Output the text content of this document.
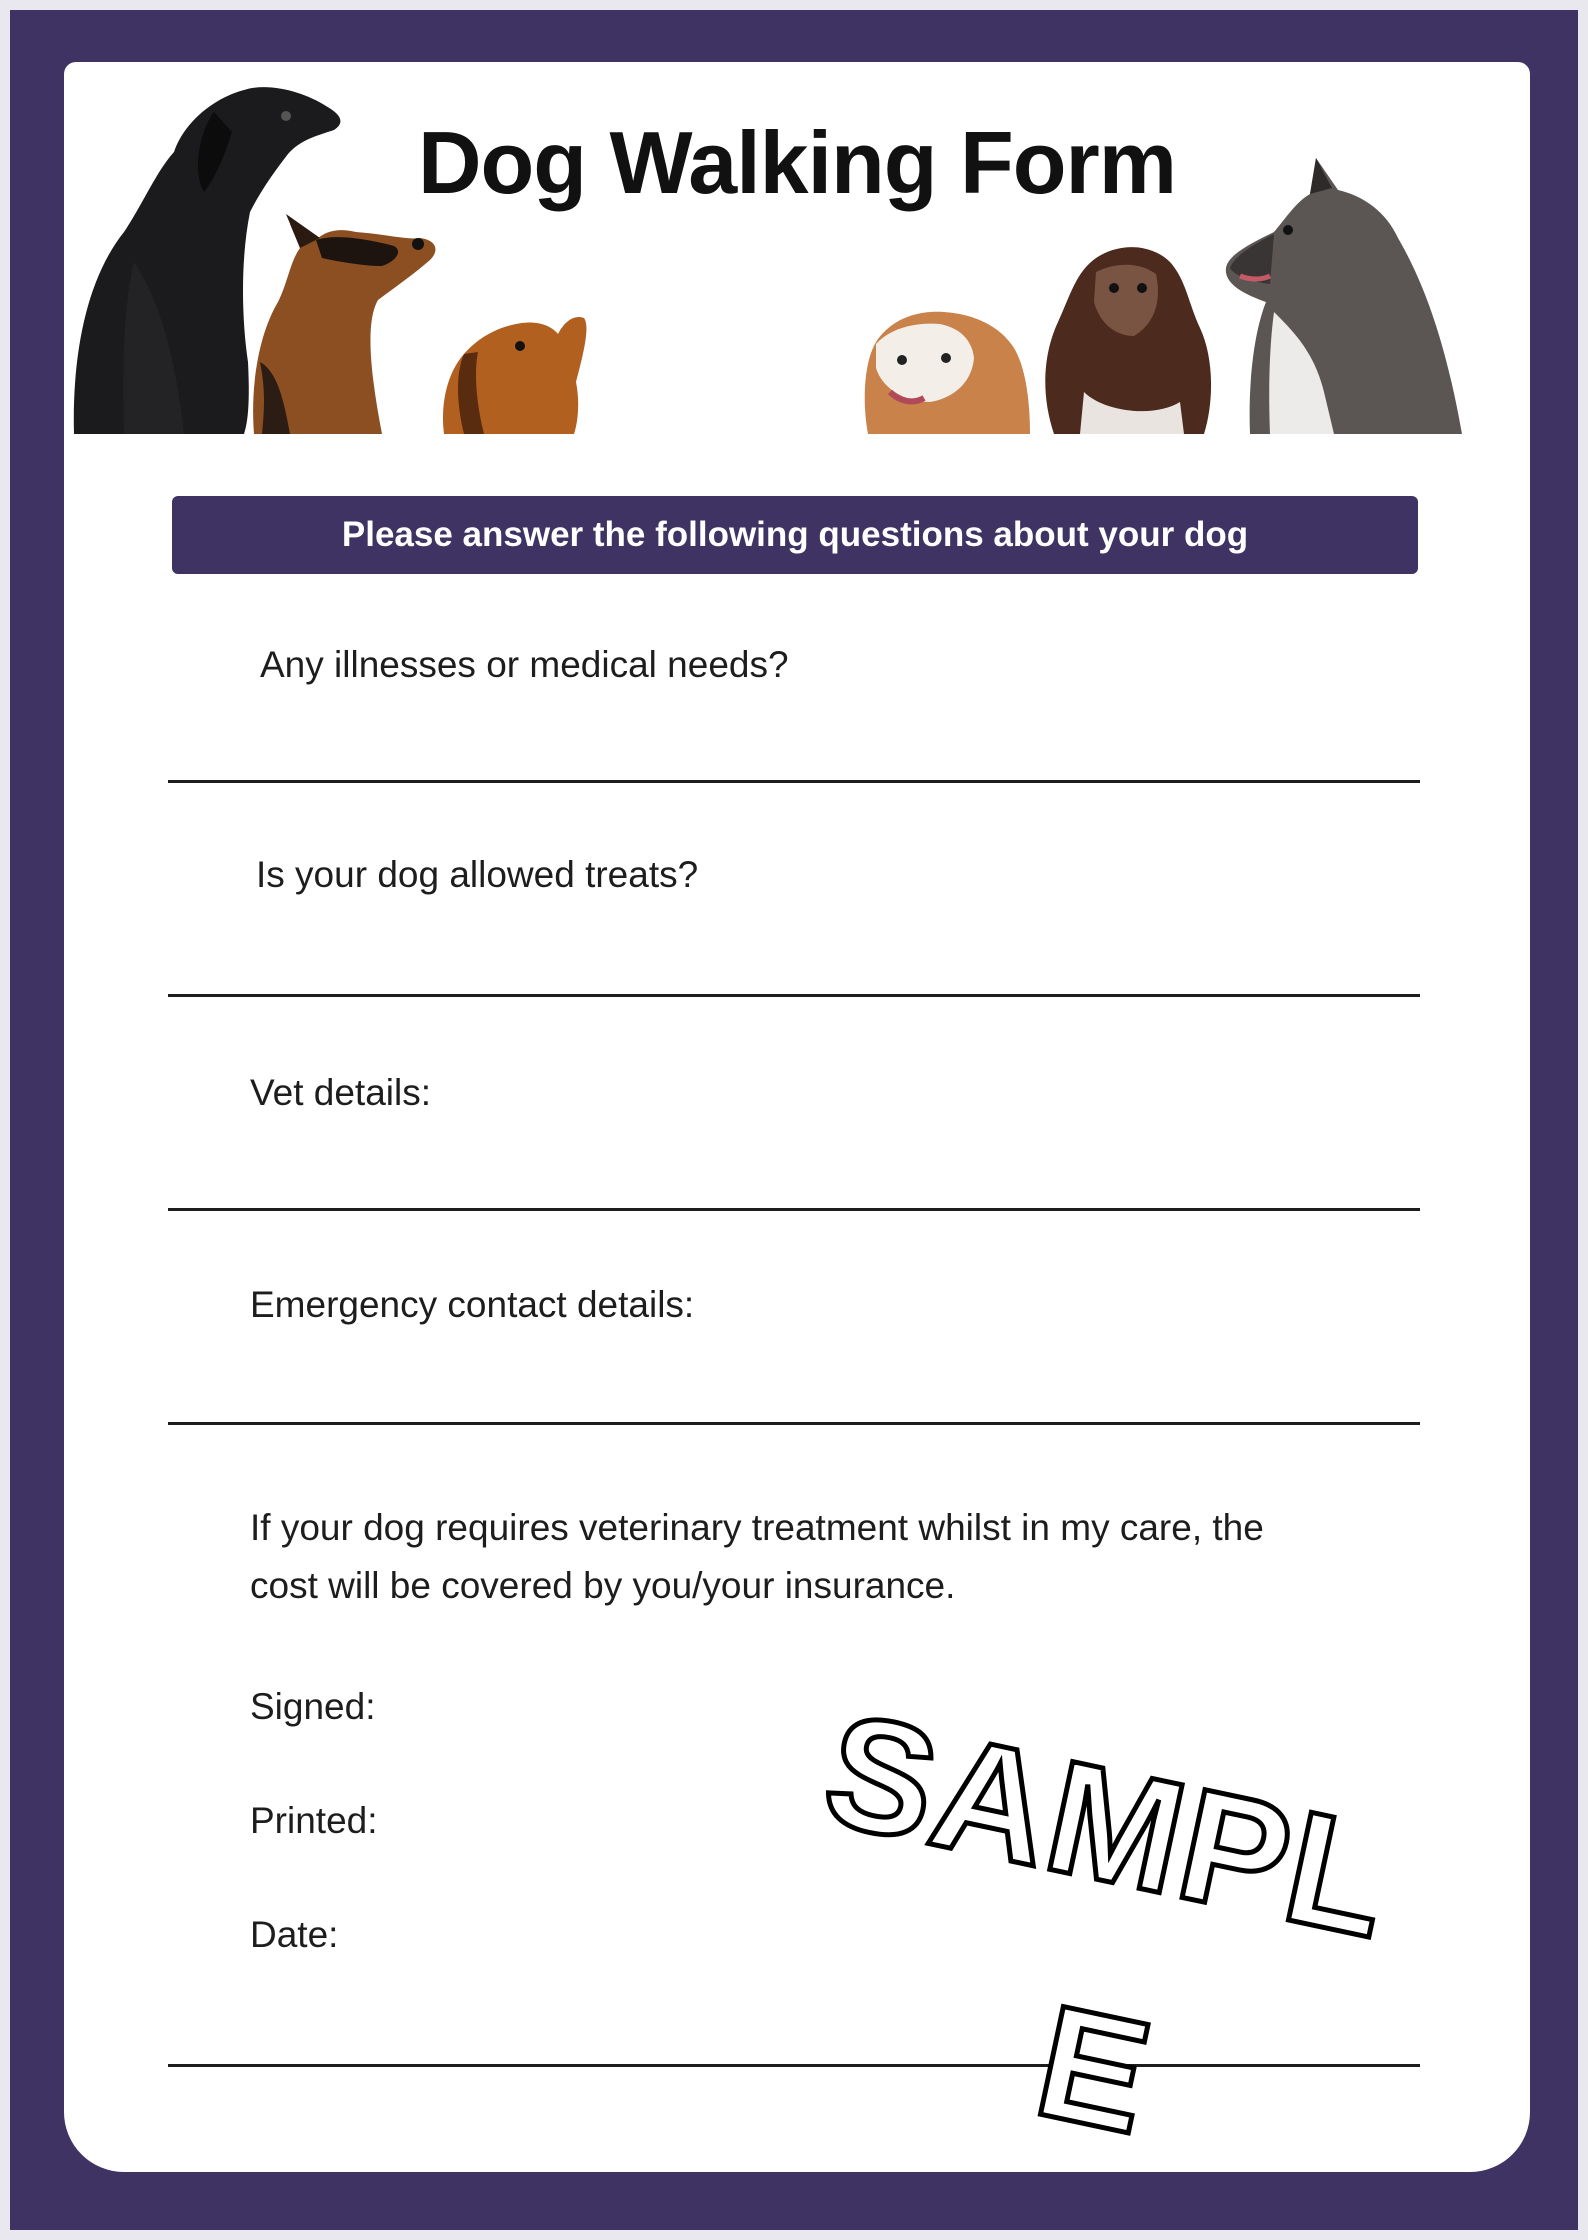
Dog Walking Form
Please answer the following questions about your dog
Any illnesses or medical needs?
Is your dog allowed treats?
Vet details:
Emergency contact details:
If your dog requires veterinary treatment whilst in my care, the cost will be covered by you/your insurance.
Signed:
Printed:
Date:	SAMPL
E
